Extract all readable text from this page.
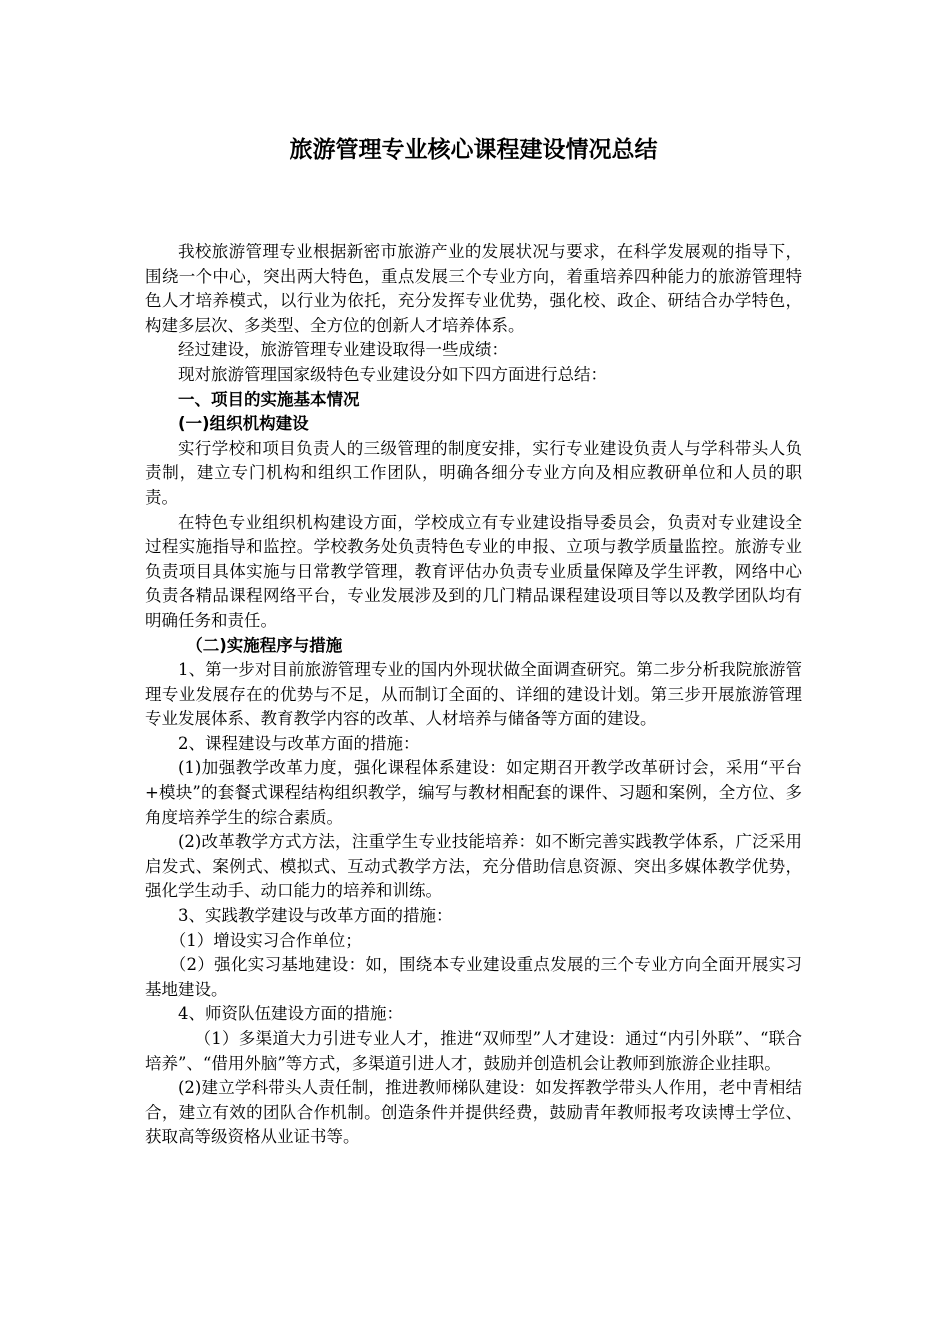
旅游管理专业核心课程建设情况总结

我校旅游管理专业根据新密市旅游产业的发展状况与要求，在科学发展观的指导下，围绕一个中心，突出两大特色，重点发展三个专业方向，着重培养四种能力的旅游管理特色人才培养模式，以行业为依托，充分发挥专业优势，强化校、政企、研结合办学特色，构建多层次、多类型、全方位的创新人才培养体系。

经过建设，旅游管理专业建设取得一些成绩：

现对旅游管理国家级特色专业建设分如下四方面进行总结：

一、项目的实施基本情况

(一)组织机构建设

实行学校和项目负责人的三级管理的制度安排，实行专业建设负责人与学科带头人负责制，建立专门机构和组织工作团队，明确各细分专业方向及相应教研单位和人员的职责。

在特色专业组织机构建设方面，学校成立有专业建设指导委员会，负责对专业建设全过程实施指导和监控。学校教务处负责特色专业的申报、立项与教学质量监控。旅游专业负责项目具体实施与日常教学管理，教育评估办负责专业质量保障及学生评教，网络中心负责各精品课程网络平台，专业发展涉及到的几门精品课程建设项目等以及教学团队均有明确任务和责任。

（二)实施程序与措施

1、第一步对目前旅游管理专业的国内外现状做全面调查研究。第二步分析我院旅游管理专业发展存在的优势与不足，从而制订全面的、详细的建设计划。第三步开展旅游管理专业发展体系、教育教学内容的改革、人材培养与储备等方面的建设。

2、课程建设与改革方面的措施：

(1)加强教学改革力度，强化课程体系建设：如定期召开教学改革研讨会，采用“平台+模块”的套餐式课程结构组织教学，编写与教材相配套的课件、习题和案例，全方位、多角度培养学生的综合素质。

(2)改革教学方式方法，注重学生专业技能培养：如不断完善实践教学体系，广泛采用启发式、案例式、模拟式、互动式教学方法，充分借助信息资源、突出多媒体教学优势，强化学生动手、动口能力的培养和训练。

3、实践教学建设与改革方面的措施：

（1）增设实习合作单位；

（2）强化实习基地建设：如，围绕本专业建设重点发展的三个专业方向全面开展实习基地建设。

4、师资队伍建设方面的措施：

（1）多渠道大力引进专业人才，推进“双师型”人才建设：通过“内引外联”、“联合培养”、“借用外脑”等方式，多渠道引进人才，鼓励并创造机会让教师到旅游企业挂职。

(2)建立学科带头人责任制，推进教师梯队建设：如发挥教学带头人作用，老中青相结合，建立有效的团队合作机制。创造条件并提供经费，鼓励青年教师报考攻读博士学位、获取高等级资格从业证书等。
